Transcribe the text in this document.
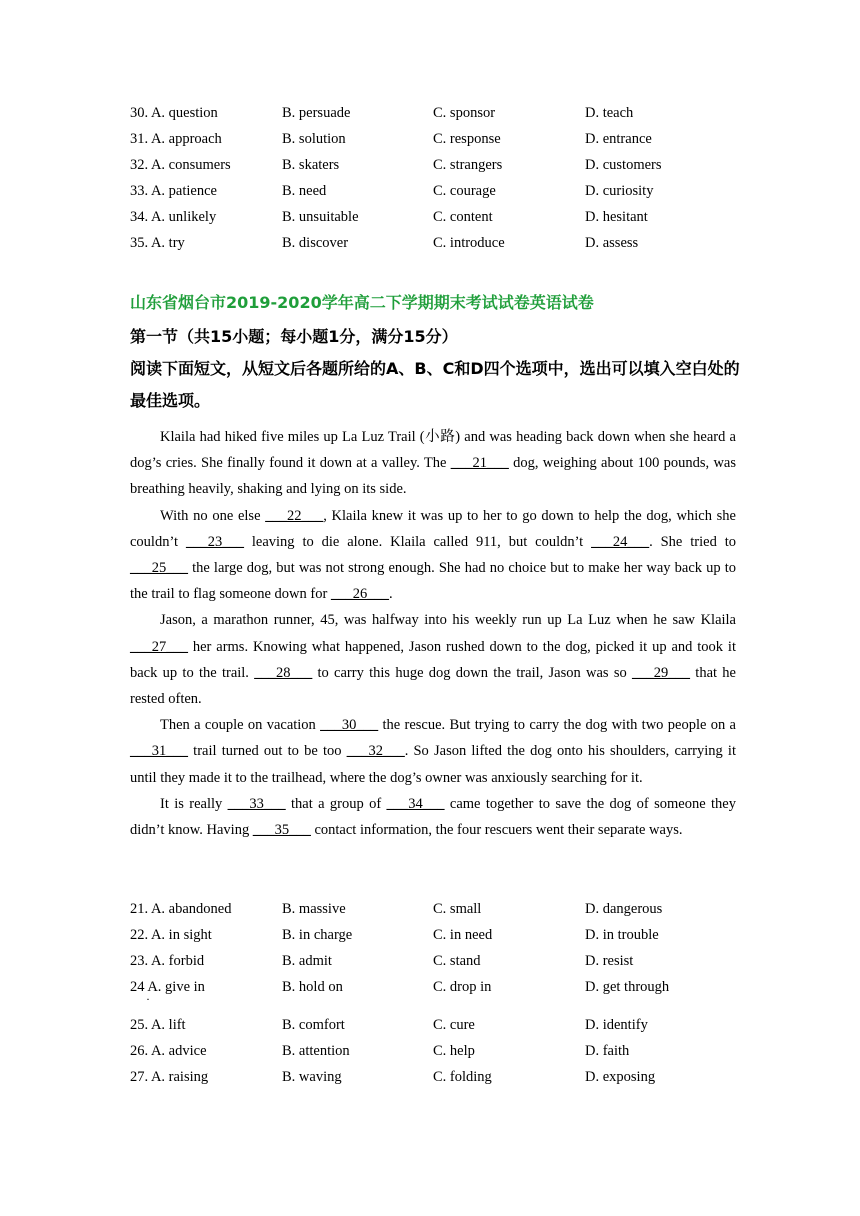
30. A. question	B. persuade	C. sponsor	D. teach
31. A. approach	B. solution	C. response	D. entrance
32. A. consumers	B. skaters	C. strangers	D. customers
33. A. patience	B. need	C. courage	D. curiosity
34. A. unlikely	B. unsuitable	C. content	D. hesitant
35. A. try	B. discover	C. introduce	D. assess
山东省烟台市2019-2020学年高二下学期期末考试试卷英语试卷
第一节（共15小题；每小题1分，满分15分）
阅读下面短文，从短文后各题所给的A、B、C和D四个选项中，选出可以填入空白处的最佳选项。

Klaila had hiked five miles up La Luz Trail (小路) and was heading back down when she heard a dog’s cries. She finally found it down at a valley. The ___21___ dog, weighing about 100 pounds, was breathing heavily, shaking and lying on its side.

With no one else ___22___, Klaila knew it was up to her to go down to help the dog, which she couldn’t ___23___ leaving to die alone. Klaila called 911, but couldn’t ___24___. She tried to ___25___ the large dog, but was not strong enough. She had no choice but to make her way back up to the trail to flag someone down for ___26___.

Jason, a marathon runner, 45, was halfway into his weekly run up La Luz when he saw Klaila ___27___ her arms. Knowing what happened, Jason rushed down to the dog, picked it up and took it back up to the trail. ___28___ to carry this huge dog down the trail, Jason was so ___29___ that he rested often.

Then a couple on vacation ___30___ the rescue. But trying to carry the dog with two people on a ___31___ trail turned out to be too ___32___. So Jason lifted the dog onto his shoulders, carrying it until they made it to the trailhead, where the dog’s owner was anxiously searching for it.

It is really ___33___ that a group of ___34___ came together to save the dog of someone they didn’t know. Having ___35___ contact information, the four rescuers went their separate ways.

21. A. abandoned	B. massive	C. small	D. dangerous
22. A. in sight	B. in charge	C. in need	D. in trouble
23. A. forbid	B. admit	C. stand	D. resist
24 A. give in	B. hold on	C. drop in	D. get through
·
25. A. lift	B. comfort	C. cure	D. identify
26. A. advice	B. attention	C. help	D. faith
27. A. raising	B. waving	C. folding	D. exposing
